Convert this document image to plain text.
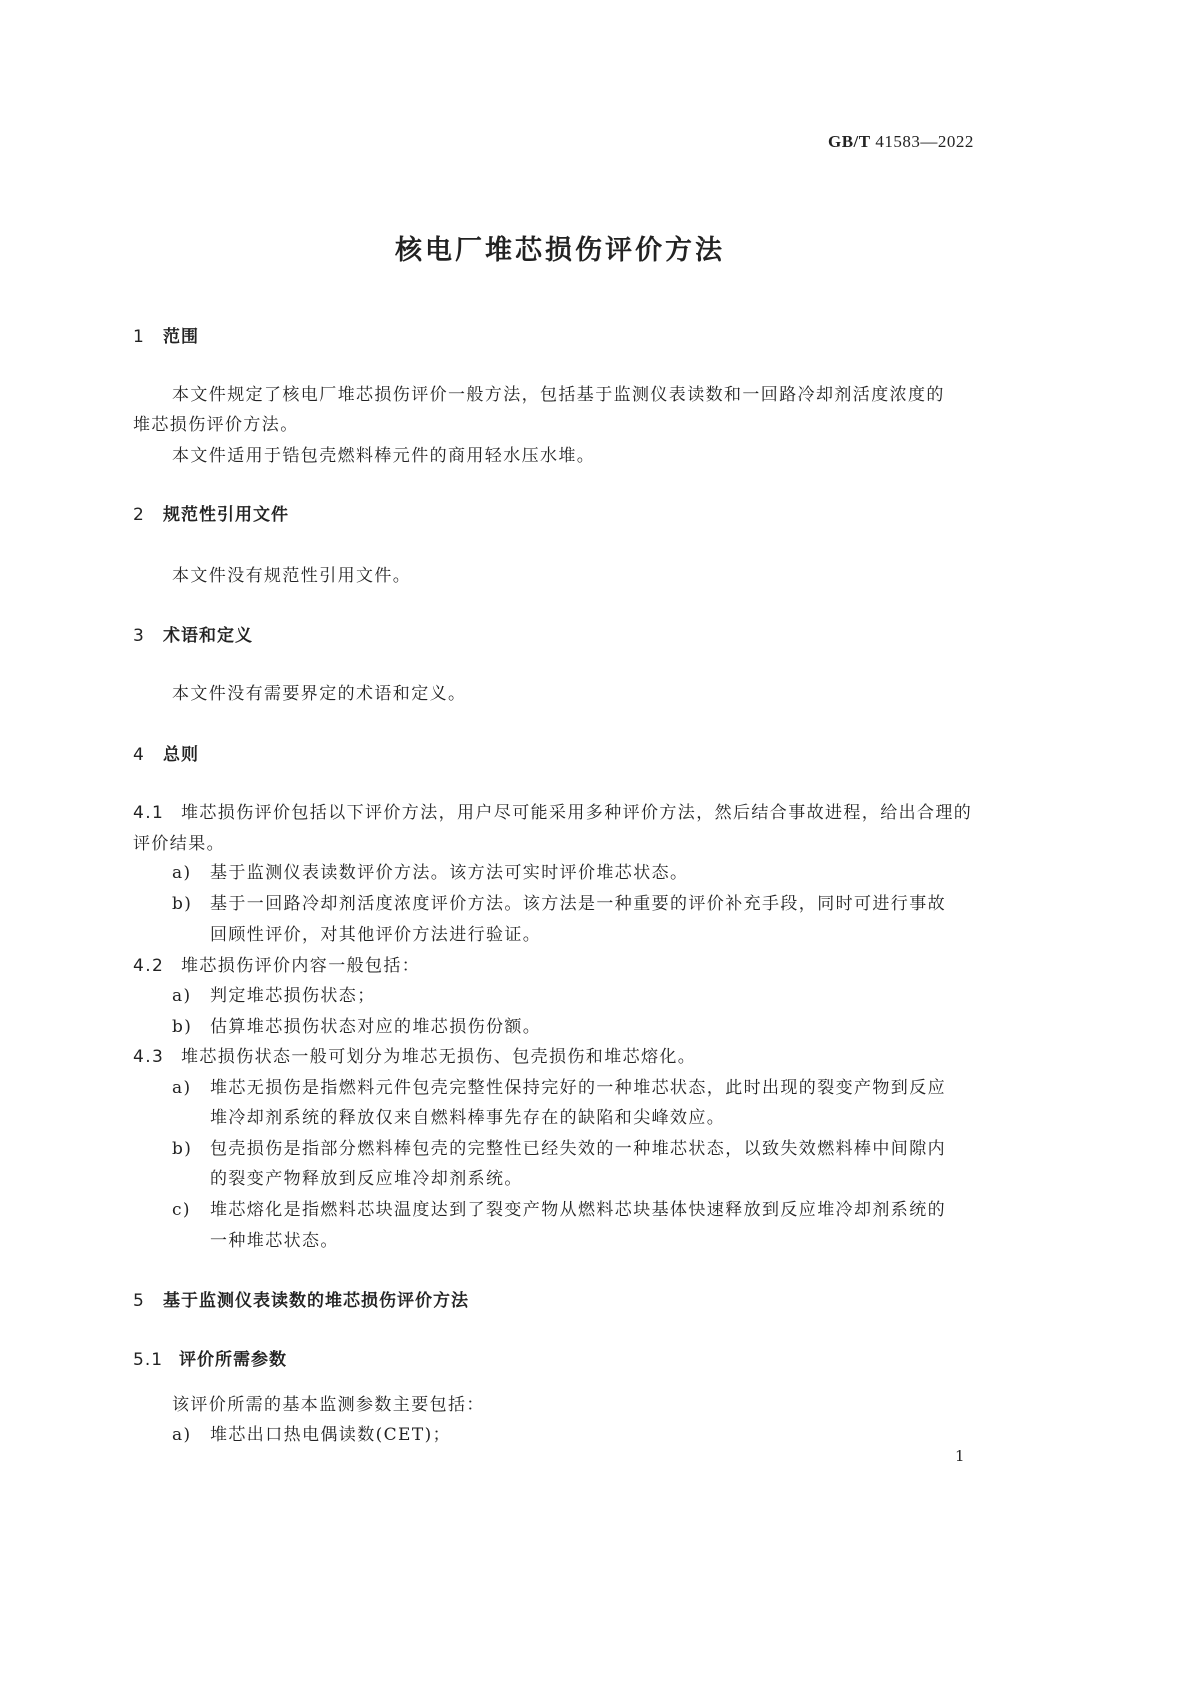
GB/T 41583—2022
核电厂堆芯损伤评价方法
1 范围
本文件规定了核电厂堆芯损伤评价一般方法，包括基于监测仪表读数和一回路冷却剂活度浓度的
堆芯损伤评价方法。
本文件适用于锆包壳燃料棒元件的商用轻水压水堆。
2 规范性引用文件
本文件没有规范性引用文件。
3 术语和定义
本文件没有需要界定的术语和定义。
4 总则
4.1 堆芯损伤评价包括以下评价方法，用户尽可能采用多种评价方法，然后结合事故进程，给出合理的
评价结果。
a) 基于监测仪表读数评价方法。该方法可实时评价堆芯状态。
b) 基于一回路冷却剂活度浓度评价方法。该方法是一种重要的评价补充手段，同时可进行事故
回顾性评价，对其他评价方法进行验证。
4.2 堆芯损伤评价内容一般包括：
a) 判定堆芯损伤状态；
b) 估算堆芯损伤状态对应的堆芯损伤份额。
4.3 堆芯损伤状态一般可划分为堆芯无损伤、包壳损伤和堆芯熔化。
a) 堆芯无损伤是指燃料元件包壳完整性保持完好的一种堆芯状态，此时出现的裂变产物到反应
堆冷却剂系统的释放仅来自燃料棒事先存在的缺陷和尖峰效应。
b) 包壳损伤是指部分燃料棒包壳的完整性已经失效的一种堆芯状态，以致失效燃料棒中间隙内
的裂变产物释放到反应堆冷却剂系统。
c) 堆芯熔化是指燃料芯块温度达到了裂变产物从燃料芯块基体快速释放到反应堆冷却剂系统的
一种堆芯状态。
5 基于监测仪表读数的堆芯损伤评价方法
5.1 评价所需参数
该评价所需的基本监测参数主要包括：
a) 堆芯出口热电偶读数(CET)；
1
